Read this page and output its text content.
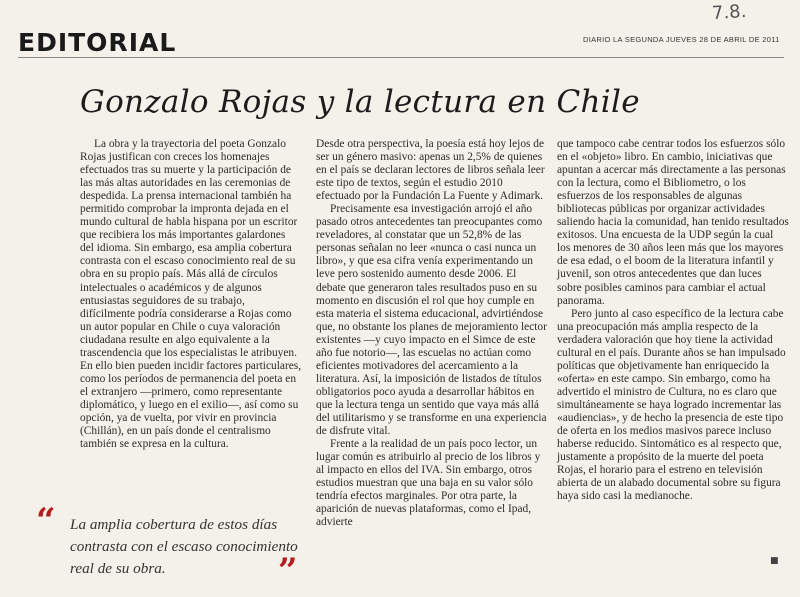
7.8.
EDITORIAL	DIARIO LA SEGUNDA JUEVES 28 DE ABRIL DE 2011
Gonzalo Rojas y la lectura en Chile

La obra y la trayectoria del poeta Gonzalo Rojas justifican con creces los homenajes efectuados tras su muerte y la participación de las más altas autoridades en las ceremonias de despedida. La prensa internacional también ha permitido comprobar la impronta dejada en el mundo cultural de habla hispana por un escritor que recibiera los más importantes galardones del idioma. Sin embargo, esa amplia cobertura contrasta con el escaso conocimiento real de su obra en su propio país. Más allá de círculos intelectuales o académicos y de algunos entusiastas seguidores de su trabajo, difícilmente podría considerarse a Rojas como un autor popular en Chile o cuya valoración ciudadana resulte en algo equivalente a la trascendencia que los especialistas le atribuyen. En ello bien pueden incidir factores particulares, como los períodos de permanencia del poeta en el extranjero —primero, como representante diplomático, y luego en el exilio—, así como su opción, ya de vuelta, por vivir en provincia (Chillán), en un país donde el centralismo también se expresa en la cultura.

Desde otra perspectiva, la poesía está hoy lejos de ser un género masivo: apenas un 2,5% de quienes en el país se declaran lectores de libros señala leer este tipo de textos, según el estudio 2010 efectuado por la Fundación La Fuente y Adimark.

Precisamente esa investigación arrojó el año pasado otros antecedentes tan preocupantes como reveladores, al constatar que un 52,8% de las personas señalan no leer «nunca o casi nunca un libro», y que esa cifra venía experimentando un leve pero sostenido aumento desde 2006. El debate que generaron tales resultados puso en su momento en discusión el rol que hoy cumple en esta materia el sistema educacional, advirtiéndose que, no obstante los planes de mejoramiento lector existentes —y cuyo impacto en el Simce de este año fue notorio—, las escuelas no actúan como eficientes motivadores del acercamiento a la literatura. Así, la imposición de listados de títulos obligatorios poco ayuda a desarrollar hábitos en que la lectura tenga un sentido que vaya más allá del utilitarismo y se transforme en una experiencia de disfrute vital.

Frente a la realidad de un país poco lector, un lugar común es atribuirlo al precio de los libros y al impacto en ellos del IVA. Sin embargo, otros estudios muestran que una baja en su valor sólo tendría efectos marginales. Por otra parte, la aparición de nuevas plataformas, como el Ipad, advierte

que tampoco cabe centrar todos los esfuerzos sólo en el «objeto» libro. En cambio, iniciativas que apuntan a acercar más directamente a las personas con la lectura, como el Bibliometro, o los esfuerzos de los responsables de algunas bibliotecas públicas por organizar actividades saliendo hacia la comunidad, han tenido resultados exitosos. Una encuesta de la UDP según la cual los menores de 30 años leen más que los mayores de esa edad, o el boom de la literatura infantil y juvenil, son otros antecedentes que dan luces sobre posibles caminos para cambiar el actual panorama.

Pero junto al caso específico de la lectura cabe una preocupación más amplia respecto de la verdadera valoración que hoy tiene la actividad cultural en el país. Durante años se han impulsado políticas que objetivamente han enriquecido la «oferta» en este campo. Sin embargo, como ha advertido el ministro de Cultura, no es claro que simultáneamente se haya logrado incrementar las «audiencias», y de hecho la presencia de este tipo de oferta en los medios masivos parece incluso haberse reducido. Sintomático es al respecto que, justamente a propósito de la muerte del poeta Rojas, el horario para el estreno en televisión abierta de un alabado documental sobre su figura haya sido casi la medianoche.

“ La amplia cobertura de estos días contrasta con el escaso conocimiento real de su obra.	”	■
